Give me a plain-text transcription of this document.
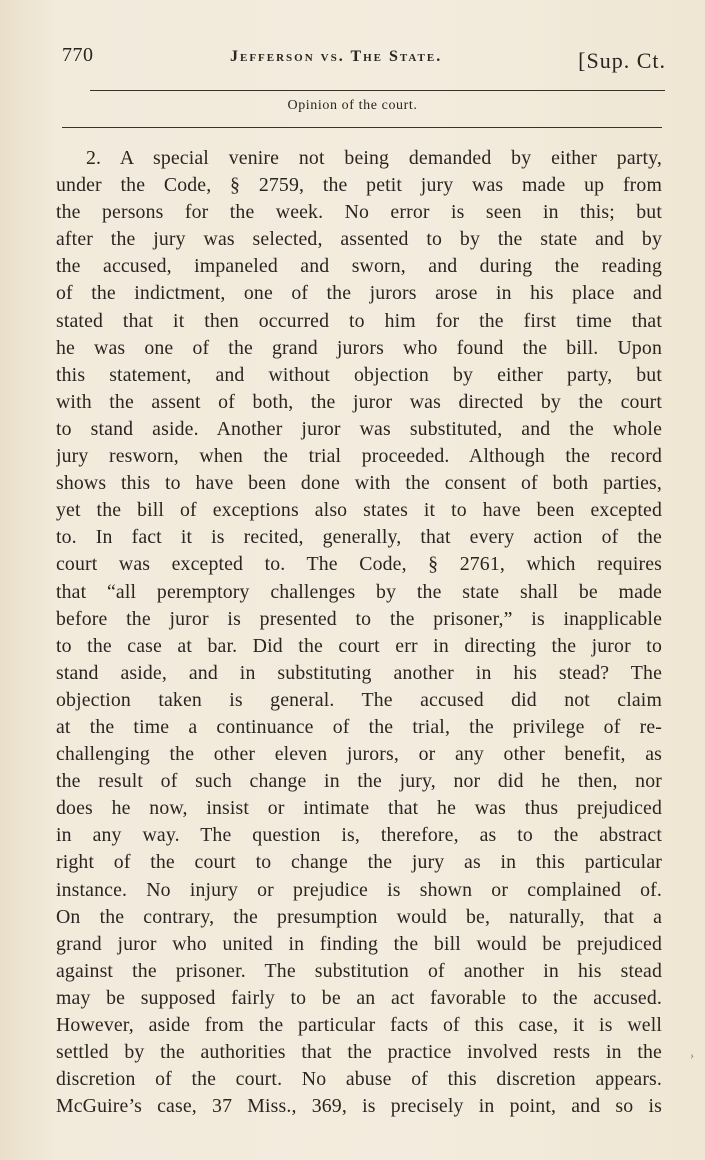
770	Jefferson vs. The State.	[Sup. Ct.
Opinion of the court.
2. A special venire not being demanded by either party,
under the Code, § 2759, the petit jury was made up from
the persons for the week. No error is seen in this; but
after the jury was selected, assented to by the state and by
the accused, impaneled and sworn, and during the reading
of the indictment, one of the jurors arose in his place and
stated that it then occurred to him for the first time that
he was one of the grand jurors who found the bill. Upon
this statement, and without objection by either party, but
with the assent of both, the juror was directed by the court
to stand aside. Another juror was substituted, and the whole
jury resworn, when the trial proceeded. Although the record
shows this to have been done with the consent of both parties,
yet the bill of exceptions also states it to have been excepted
to. In fact it is recited, generally, that every action of the
court was excepted to. The Code, § 2761, which requires
that “all peremptory challenges by the state shall be made
before the juror is presented to the prisoner,” is inapplicable
to the case at bar. Did the court err in directing the juror to
stand aside, and in substituting another in his stead? The
objection taken is general. The accused did not claim
at the time a continuance of the trial, the privilege of re-
challenging the other eleven jurors, or any other benefit, as
the result of such change in the jury, nor did he then, nor
does he now, insist or intimate that he was thus prejudiced
in any way. The question is, therefore, as to the abstract
right of the court to change the jury as in this particular
instance. No injury or prejudice is shown or complained of.
On the contrary, the presumption would be, naturally, that a
grand juror who united in finding the bill would be prejudiced
against the prisoner. The substitution of another in his stead
may be supposed fairly to be an act favorable to the accused.
However, aside from the particular facts of this case, it is well
settled by the authorities that the practice involved rests in the
discretion of the court. No abuse of this discretion appears.
McGuire’s case, 37 Miss., 369, is precisely in point, and so is
›
